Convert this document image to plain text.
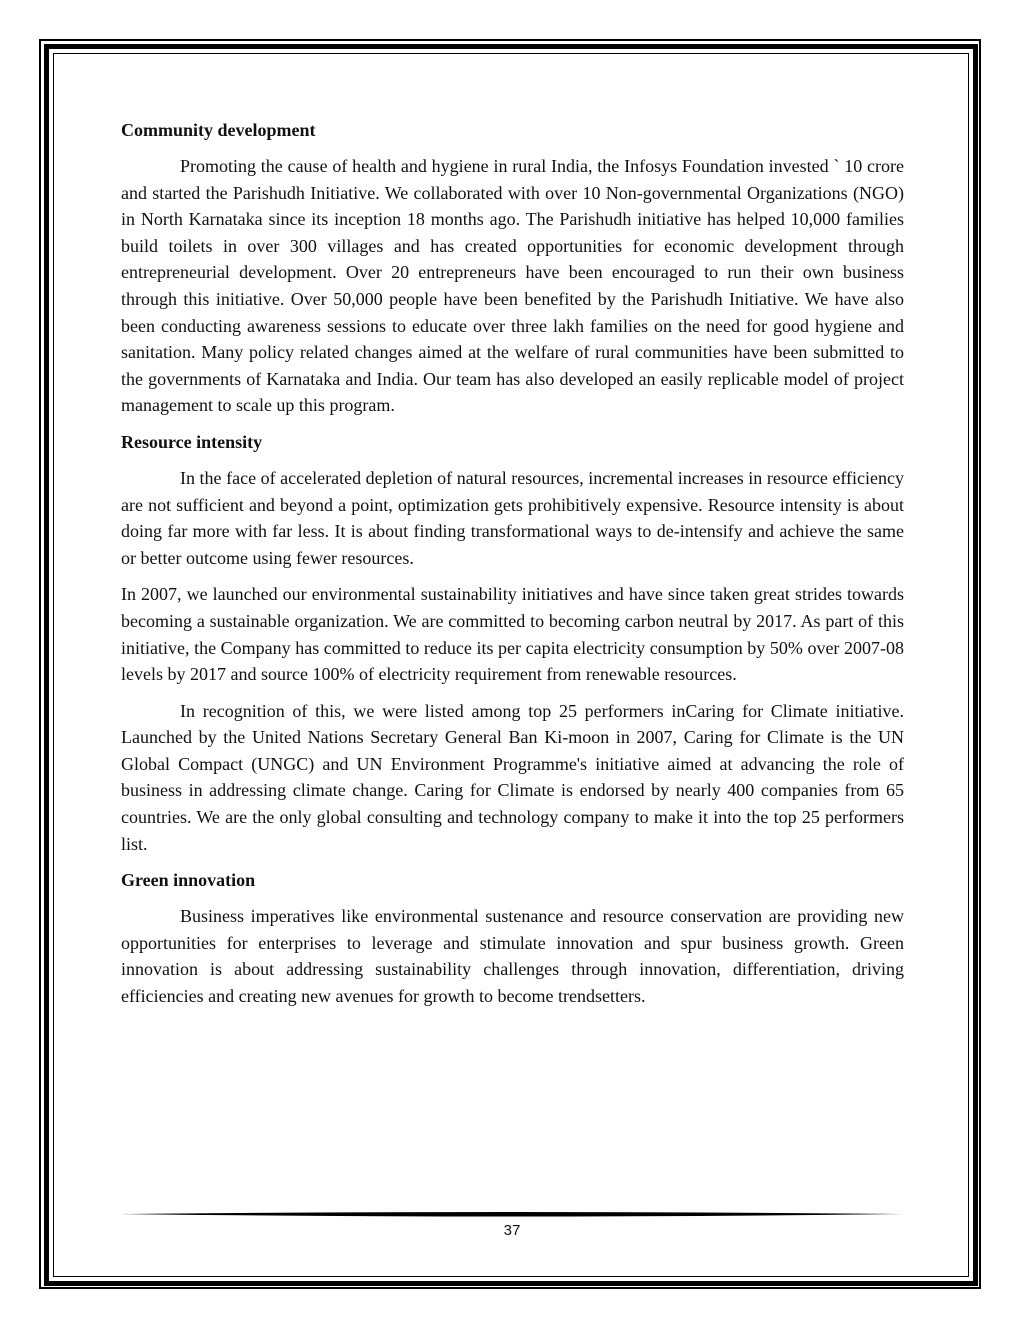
Community development

Promoting the cause of health and hygiene in rural India, the Infosys Foundation invested ` 10 crore and started the Parishudh Initiative. We collaborated with over 10 Non-governmental Organizations (NGO) in North Karnataka since its inception 18 months ago. The Parishudh initiative has helped 10,000 families build toilets in over 300 villages and has created opportunities for economic development through entrepreneurial development. Over 20 entrepreneurs have been encouraged to run their own business through this initiative. Over 50,000 people have been benefited by the Parishudh Initiative. We have also been conducting awareness sessions to educate over three lakh families on the need for good hygiene and sanitation. Many policy related changes aimed at the welfare of rural communities have been submitted to the governments of Karnataka and India. Our team has also developed an easily replicable model of project management to scale up this program.

Resource intensity

In the face of accelerated depletion of natural resources, incremental increases in resource efficiency are not sufficient and beyond a point, optimization gets prohibitively expensive. Resource intensity is about doing far more with far less. It is about finding transformational ways to de-intensify and achieve the same or better outcome using fewer resources.

In 2007, we launched our environmental sustainability initiatives and have since taken great strides towards becoming a sustainable organization. We are committed to becoming carbon neutral by 2017. As part of this initiative, the Company has committed to reduce its per capita electricity consumption by 50% over 2007-08 levels by 2017 and source 100% of electricity requirement from renewable resources.

In recognition of this, we were listed among top 25 performers inCaring for Climate initiative. Launched by the United Nations Secretary General Ban Ki-moon in 2007, Caring for Climate is the UN Global Compact (UNGC) and UN Environment Programme's initiative aimed at advancing the role of business in addressing climate change. Caring for Climate is endorsed by nearly 400 companies from 65 countries. We are the only global consulting and technology company to make it into the top 25 performers list.

Green innovation

Business imperatives like environmental sustenance and resource conservation are providing new opportunities for enterprises to leverage and stimulate innovation and spur business growth. Green innovation is about addressing sustainability challenges through innovation, differentiation, driving efficiencies and creating new avenues for growth to become trendsetters.

37
